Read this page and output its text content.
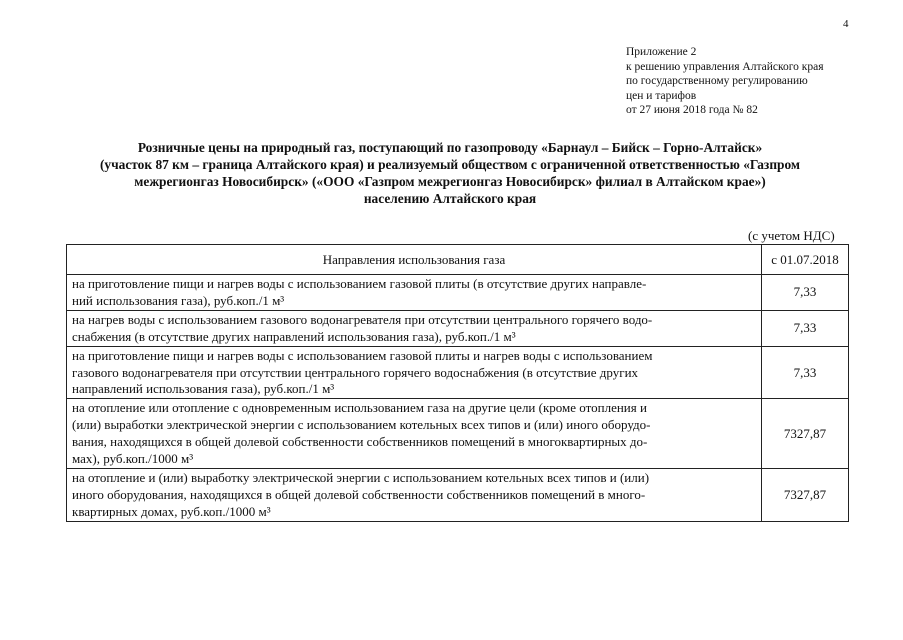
4
Приложение 2
к решению управления Алтайского края
по государственному регулированию
цен и тарифов
от 27 июня 2018 года № 82
Розничные цены на природный газ, поступающий по газопроводу «Барнаул – Бийск – Горно-Алтайск»
(участок 87 км – граница Алтайского края) и реализуемый обществом с ограниченной ответственностью «Газпром
межрегионгаз Новосибирск» («ООО «Газпром межрегионгаз Новосибирск» филиал в Алтайском крае»)
населению Алтайского края
(с учетом НДС)
Направления использования газа	с 01.07.2018

на приготовление пищи и нагрев воды с использованием газовой плиты (в отсутствие других направле-
ний использования газа), руб.коп./1 м³	7,33

на нагрев воды с использованием газового водонагревателя при отсутствии центрального горячего водо-
снабжения (в отсутствие других направлений использования газа), руб.коп./1 м³	7,33

на приготовление пищи и нагрев воды с использованием газовой плиты и нагрев воды с использованием
газового водонагревателя при отсутствии центрального горячего водоснабжения (в отсутствие других
направлений использования газа), руб.коп./1 м³	7,33

на отопление или отопление с одновременным использованием газа на другие цели (кроме отопления и
(или) выработки электрической энергии с использованием котельных всех типов и (или) иного оборудо-
вания, находящихся в общей долевой собственности собственников помещений в многоквартирных до-
мах), руб.коп./1000 м³	7327,87

на отопление и (или) выработку электрической энергии с использованием котельных всех типов и (или)
иного оборудования, находящихся в общей долевой собственности собственников помещений в много-
квартирных домах, руб.коп./1000 м³	7327,87
